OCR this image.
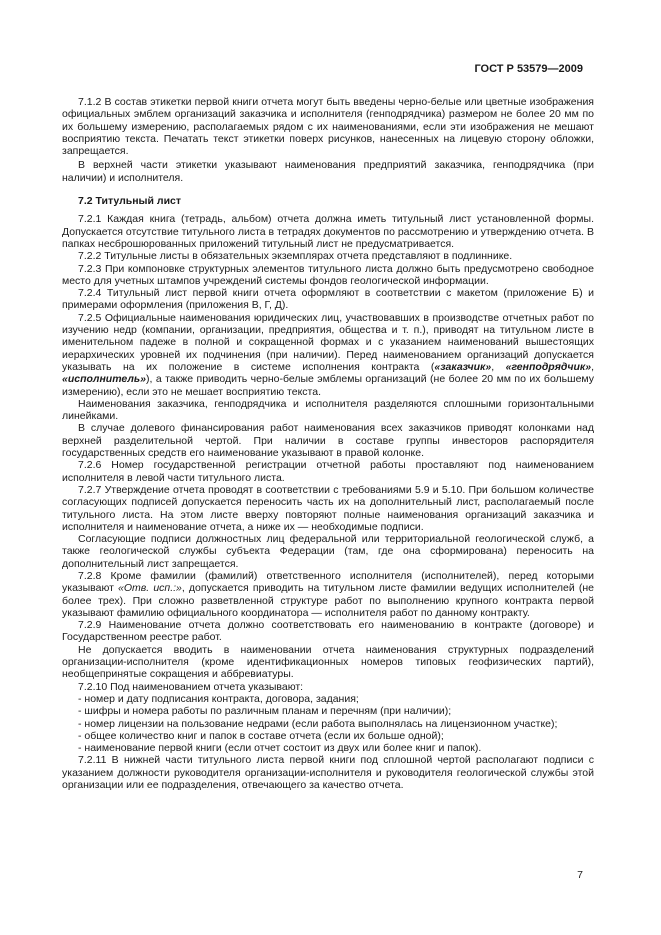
ГОСТ Р 53579—2009

7.1.2 В состав этикетки первой книги отчета могут быть введены черно-белые или цветные изображения официальных эмблем организаций заказчика и исполнителя (генподрядчика) размером не более 20 мм по их большему измерению, располагаемых рядом с их наименованиями, если эти изображения не мешают восприятию текста. Печатать текст этикетки поверх рисунков, нанесенных на лицевую сторону обложки, запрещается.

В верхней части этикетки указывают наименования предприятий заказчика, генподрядчика (при наличии) и исполнителя.

7.2 Титульный лист

7.2.1 Каждая книга (тетрадь, альбом) отчета должна иметь титульный лист установленной формы. Допускается отсутствие титульного листа в тетрадях документов по рассмотрению и утверждению отчета. В папках несброшюрованных приложений титульный лист не предусматривается.

7.2.2 Титульные листы в обязательных экземплярах отчета представляют в подлиннике.

7.2.3 При компоновке структурных элементов титульного листа должно быть предусмотрено свободное место для учетных штампов учреждений системы фондов геологической информации.

7.2.4 Титульный лист первой книги отчета оформляют в соответствии с макетом (приложение Б) и примерами оформления (приложения В, Г, Д).

7.2.5 Официальные наименования юридических лиц, участвовавших в производстве отчетных работ по изучению недр (компании, организации, предприятия, общества и т. п.), приводят на титульном листе в именительном падеже в полной и сокращенной формах и с указанием наименований вышестоящих иерархических уровней их подчинения (при наличии). Перед наименованием организаций допускается указывать на их положение в системе исполнения контракта («заказчик», «генподрядчик», «исполнитель»), а также приводить черно-белые эмблемы организаций (не более 20 мм по их большему измерению), если это не мешает восприятию текста.

Наименования заказчика, генподрядчика и исполнителя разделяются сплошными горизонтальными линейками.

В случае долевого финансирования работ наименования всех заказчиков приводят колонками над верхней разделительной чертой. При наличии в составе группы инвесторов распорядителя государственных средств его наименование указывают в правой колонке.

7.2.6 Номер государственной регистрации отчетной работы проставляют под наименованием исполнителя в левой части титульного листа.

7.2.7 Утверждение отчета проводят в соответствии с требованиями 5.9 и 5.10. При большом количестве согласующих подписей допускается переносить часть их на дополнительный лист, располагаемый после титульного листа. На этом листе вверху повторяют полные наименования организаций заказчика и исполнителя и наименование отчета, а ниже их — необходимые подписи.

Согласующие подписи должностных лиц федеральной или территориальной геологической служб, а также геологической службы субъекта Федерации (там, где она сформирована) переносить на дополнительный лист запрещается.

7.2.8 Кроме фамилии (фамилий) ответственного исполнителя (исполнителей), перед которыми указывают «Отв. исп.:», допускается приводить на титульном листе фамилии ведущих исполнителей (не более трех). При сложно разветвленной структуре работ по выполнению крупного контракта первой указывают фамилию официального координатора — исполнителя работ по данному контракту.

7.2.9 Наименование отчета должно соответствовать его наименованию в контракте (договоре) и Государственном реестре работ.

Не допускается вводить в наименовании отчета наименования структурных подразделений организации-исполнителя (кроме идентификационных номеров типовых геофизических партий), необщепринятые сокращения и аббревиатуры.

7.2.10 Под наименованием отчета указывают:

- номер и дату подписания контракта, договора, задания;
- шифры и номера работы по различным планам и перечням (при наличии);
- номер лицензии на пользование недрами (если работа выполнялась на лицензионном участке);
- общее количество книг и папок в составе отчета (если их больше одной);
- наименование первой книги (если отчет состоит из двух или более книг и папок).

7.2.11 В нижней части титульного листа первой книги под сплошной чертой располагают подписи с указанием должности руководителя организации-исполнителя и руководителя геологической службы этой организации или ее подразделения, отвечающего за качество отчета.

7
